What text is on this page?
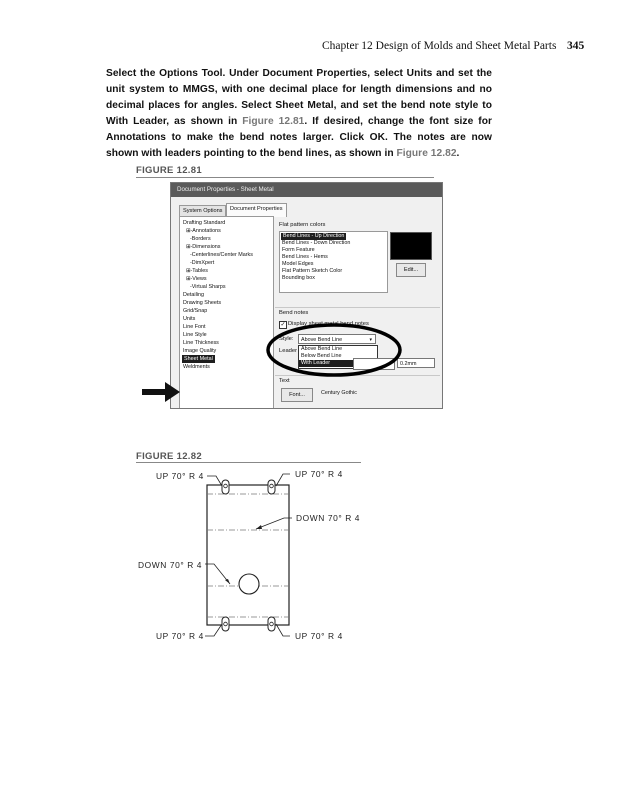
Chapter 12 Design of Molds and Sheet Metal Parts 345
Select the Options Tool. Under Document Properties, select Units and set the unit system to MMGS, with one decimal place for length dimensions and no decimal places for angles. Select Sheet Metal, and set the bend note style to With Leader, as shown in Figure 12.81. If desired, change the font size for Annotations to make the bend notes larger. Click OK. The notes are now shown with leaders pointing to the bend lines, as shown in Figure 12.82.
FIGURE 12.81
Document Properties - Sheet Metal
System Options	Document Properties
Drafting Standard
⊞-Annotations
-Borders
⊞-Dimensions
-Centerlines/Center Marks
-DimXpert
⊞-Tables
⊞-Views
-Virtual Sharps
Detailing
Drawing Sheets
Grid/Snap
Units
Line Font
Line Style
Line Thickness
Image Quality
Sheet Metal
Weldments
Flat pattern colors
Bend Lines - Up Direction
Bend Lines - Down Direction
Form Feature
Bend Lines - Hems
Model Edges
Flat Pattern Sketch Color
Bounding box
Edit...
Bend notes
✓ Display sheet metal bend notes
Style:	Above Bend Line	▾
Above Bend Line
Below Bend Line
With Leader
Leader
0.2mm
Text
Font...	Century Gothic
FIGURE 12.82
UP 70° R 4	UP 70° R 4
DOWN 70° R 4
DOWN 70° R 4
UP 70° R 4	UP 70° R 4
